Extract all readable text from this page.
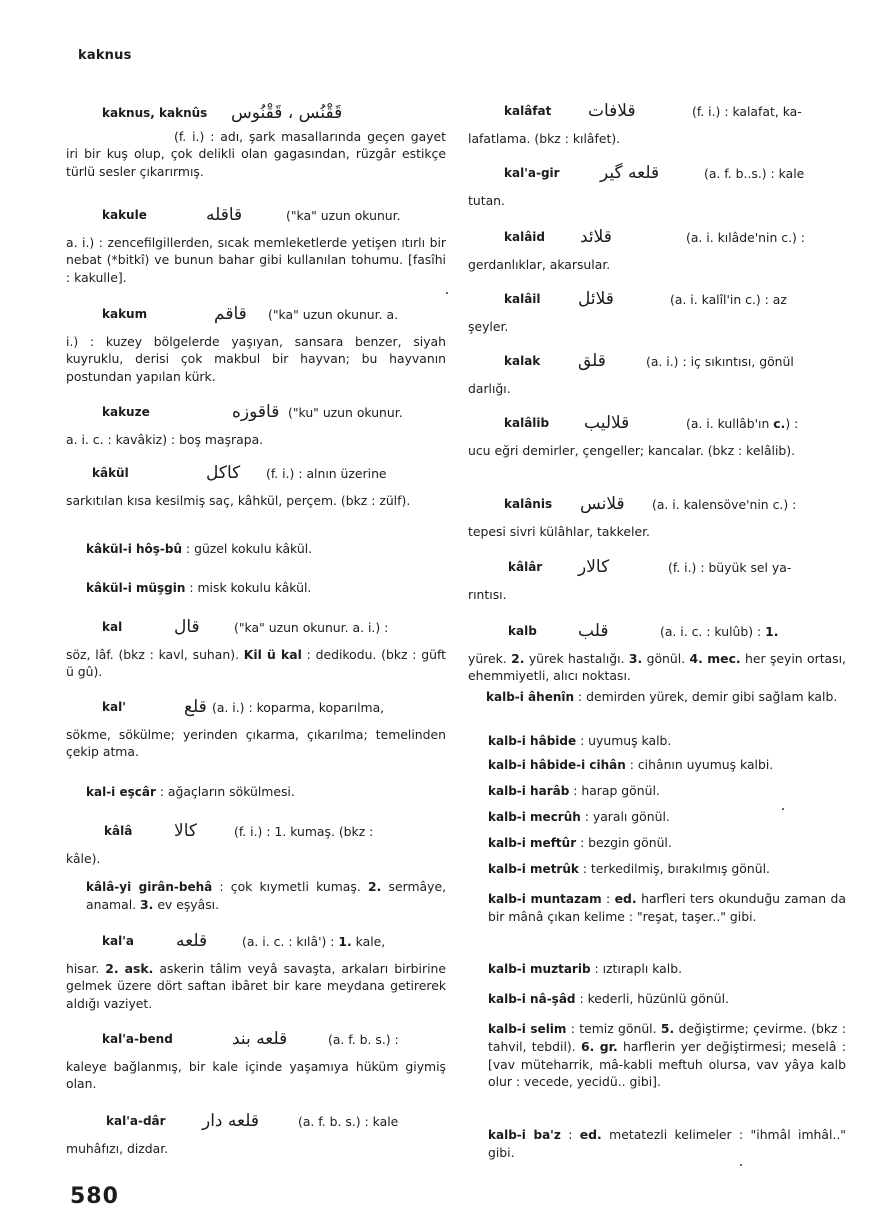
kaknus
kaknus, kaknûs قَقْنُس ، قَقْنُوس
(f. i.) : adı, şark masallarında geçen gayet iri bir kuş olup, çok delikli olan gagasından, rüzgâr estikçe türlü sesler çıkarırmış.
kakule	قاقله	("ka" uzun okunur.
a. i.) : zencefilgillerden, sıcak memleketlerde yetişen ıtırlı bir nebat (*bitkî) ve bunun bahar gibi kullanılan tohumu. [fasîhi : kakulle].
kakum	قاقم ("ka" uzun okunur. a.
i.) : kuzey bölgelerde yaşıyan, sansara benzer, siyah kuyruklu, derisi çok makbul bir hayvan; bu hayvanın postundan yapılan kürk.
kakuze	قاقوزه ("ku" uzun okunur.
a. i. c. : kavâkiz) : boş maşrapa.
kâkül	كاكل (f. i.) : alnın üzerine
sarkıtılan kısa kesilmiş saç, kâhkül, perçem. (bkz : zülf).
kâkül-i hôş-bû : güzel kokulu kâkül.
kâkül-i müşgin : misk kokulu kâkül.
kal	قال	("ka" uzun okunur. a. i.) :
söz, lâf. (bkz : kavl, suhan). Kil ü kal : dedikodu. (bkz : güft ü gû).
kal'	قلع (a. i.) : koparma, koparılma,
sökme, sökülme; yerinden çıkarma, çıkarılma; temelinden çekip atma.
kal-i eşcâr : ağaçların sökülmesi.
kâlâ كالا	(f. i.) : 1. kumaş. (bkz :
kâle).
kâlâ-yi girân-behâ : çok kıymetli kumaş. 2. sermâye, anamal. 3. ev eşyâsı.
kal'a قلعه	(a. i. c. : kılâ') : 1. kale,
hisar. 2. ask. askerin tâlim veyâ savaşta, arkaları birbirine gelmek üzere dört saftan ibâret bir kare meydana getirerek aldığı vaziyet.
kal'a-bend	قلعه بند	(a. f. b. s.) :
kaleye bağlanmış, bir kale içinde yaşamıya hüküm giymiş olan.
kal'a-dâr قلعه دار	(a. f. b. s.) : kale
muhâfızı, dizdar.
kalâfat قلافات	(f. i.) : kalafat, ka-
lafatlama. (bkz : kılâfet).
kal'a-gir قلعه گیر	(a. f. b..s.) : kale
tutan.
kalâid قلائد	(a. i. kılâde'nin c.) :
gerdanlıklar, akarsular.
kalâil قلائل	(a. i. kalîl'in c.) : az
şeyler.
kalak قلق	(a. i.) : iç sıkıntısı, gönül
darlığı.
kalâlib قلاليب	(a. i. kullâb'ın c.) :
ucu eğri demirler, çengeller; kancalar. (bkz : kelâlib).
kalânis قلانس (a. i. kalensöve'nin c.) :
tepesi sivri külâhlar, takkeler.
kâlâr كالار	(f. i.) : büyük sel ya-
rıntısı.
kalb قلب	(a. i. c. : kulûb) : 1.
yürek. 2. yürek hastalığı. 3. gönül. 4. mec. her şeyin ortası, ehemmiyetli, alıcı noktası.
kalb-i âhenîn : demirden yürek, demir gibi sağlam kalb.
kalb-i hâbide : uyumuş kalb.
kalb-i hâbide-i cihân : cihânın uyumuş kalbi.
kalb-i harâb : harap gönül.
kalb-i mecrûh : yaralı gönül.
kalb-i meftûr : bezgin gönül.
kalb-i metrûk : terkedilmiş, bırakılmış gönül.
kalb-i muntazam : ed. harfleri ters okunduğu zaman da bir mânâ çıkan kelime : "reşat, taşer.." gibi.
kalb-i muztarib : ıztıraplı kalb.
kalb-i nâ-şâd : kederli, hüzünlü gönül.
kalb-i selim : temiz gönül. 5. değiştirme; çevirme. (bkz : tahvil, tebdil). 6. gr. harflerin yer değiştirmesi; meselâ : [vav müteharrik, mâ-kabli meftuh olursa, vav yâya kalb olur : vecede, yecidü.. gibi].
kalb-i ba'z : ed. metatezli kelimeler : "ihmâl imhâl.." gibi.
580
